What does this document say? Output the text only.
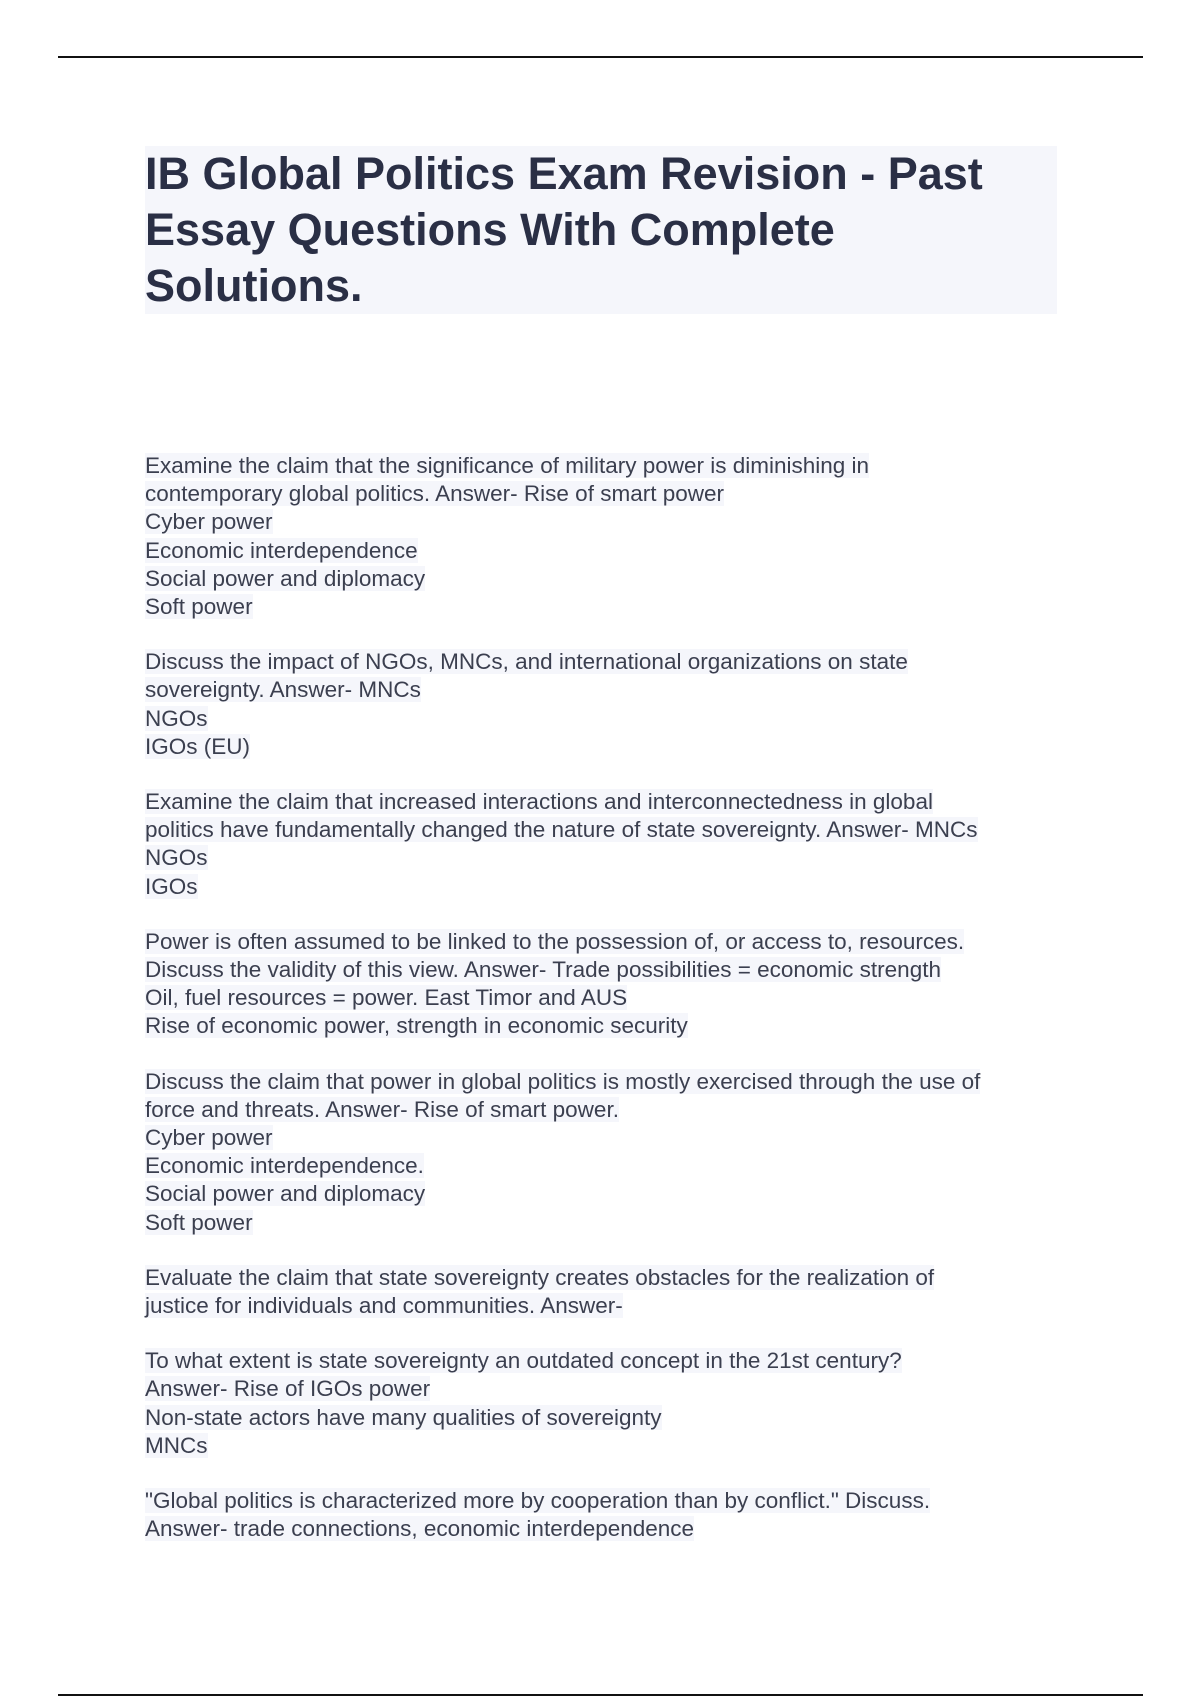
IB Global Politics Exam Revision - Past Essay Questions With Complete Solutions.

Examine the claim that the significance of military power is diminishing in

contemporary global politics. Answer- Rise of smart power

Cyber power

Economic interdependence

Social power and diplomacy

Soft power

Discuss the impact of NGOs, MNCs, and international organizations on state

sovereignty. Answer- MNCs

NGOs

IGOs (EU)

Examine the claim that increased interactions and interconnectedness in global

politics have fundamentally changed the nature of state sovereignty. Answer- MNCs

NGOs

IGOs

Power is often assumed to be linked to the possession of, or access to, resources.

Discuss the validity of this view. Answer- Trade possibilities = economic strength

Oil, fuel resources = power. East Timor and AUS

Rise of economic power, strength in economic security

Discuss the claim that power in global politics is mostly exercised through the use of

force and threats. Answer- Rise of smart power.

Cyber power

Economic interdependence.

Social power and diplomacy

Soft power

Evaluate the claim that state sovereignty creates obstacles for the realization of

justice for individuals and communities. Answer-

To what extent is state sovereignty an outdated concept in the 21st century?

Answer- Rise of IGOs power

Non-state actors have many qualities of sovereignty

MNCs

"Global politics is characterized more by cooperation than by conflict." Discuss.

Answer- trade connections, economic interdependence
